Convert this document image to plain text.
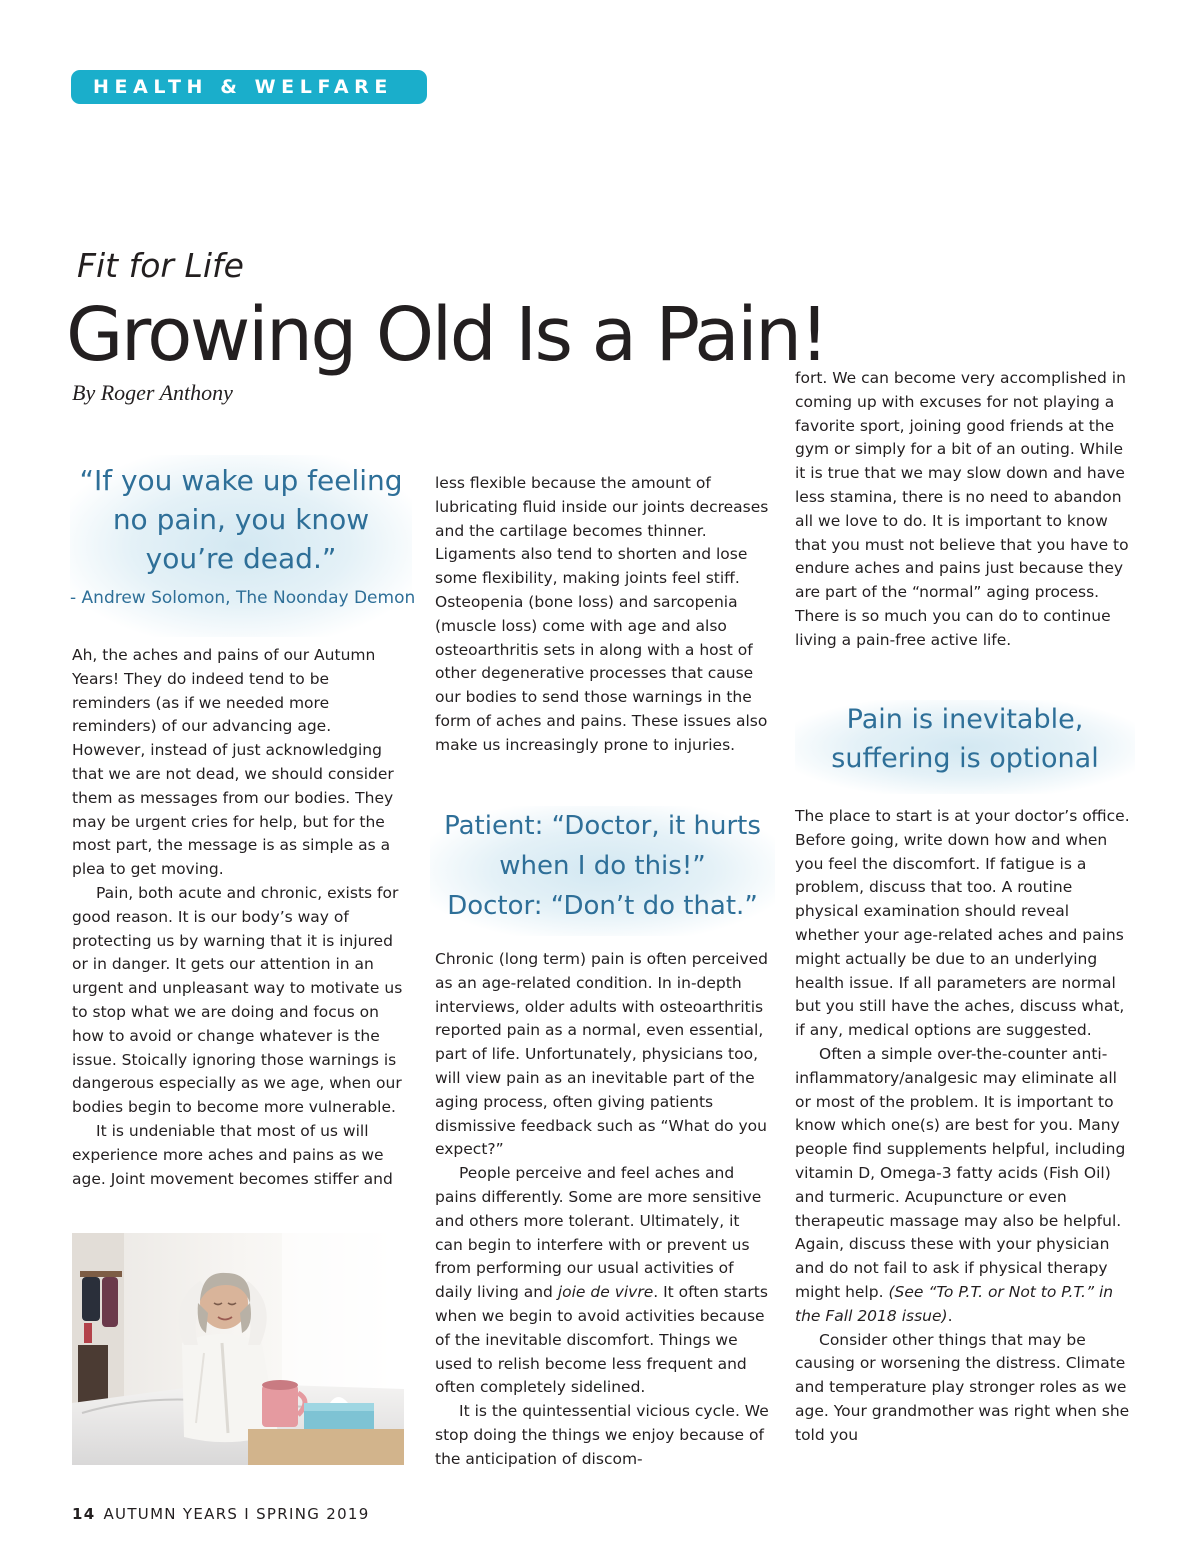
HEALTH & WELFARE
Fit for Life
Growing Old Is a Pain!
By Roger Anthony

“If you wake up feeling
no pain, you know
you’re dead.”

- Andrew Solomon, The Noonday Demon

Ah, the aches and pains of our Autumn Years! They do indeed tend to be reminders (as if we needed more reminders) of our advancing age. However, instead of just acknowledging that we are not dead, we should consider them as messages from our bodies. They may be urgent cries for help, but for the most part, the message is as simple as a plea to get moving.

Pain, both acute and chronic, exists for good reason. It is our body’s way of protecting us by warning that it is injured or in danger. It gets our attention in an urgent and unpleasant way to motivate us to stop what we are doing and focus on how to avoid or change whatever is the issue. Stoically ignoring those warnings is dangerous especially as we age, when our bodies begin to become more vulnerable.

It is undeniable that most of us will experience more aches and pains as we age. Joint movement becomes stiffer and

less flexible because the amount of lubricating fluid inside our joints decreases and the cartilage becomes thinner. Ligaments also tend to shorten and lose some flexibility, making joints feel stiff. Osteopenia (bone loss) and sarcopenia (muscle loss) come with age and also osteoarthritis sets in along with a host of other degenerative processes that cause our bodies to send those warnings in the form of aches and pains. These issues also make us increasingly prone to injuries.

Patient: “Doctor, it hurts
when I do this!”
Doctor: “Don’t do that.”

Chronic (long term) pain is often perceived as an age-related condition. In in-depth interviews, older adults with osteoarthritis reported pain as a normal, even essential, part of life. Unfortunately, physicians too, will view pain as an inevitable part of the aging process, often giving patients dismissive feedback such as “What do you expect?”

People perceive and feel aches and pains differently. Some are more sensitive and others more tolerant. Ultimately, it can begin to interfere with or prevent us from performing our usual activities of daily living and joie de vivre. It often starts when we begin to avoid activities because of the inevitable discomfort. Things we used to relish become less frequent and often completely sidelined.

It is the quintessential vicious cycle. We stop doing the things we enjoy because of the anticipation of discom-

fort. We can become very accomplished in coming up with excuses for not playing a favorite sport, joining good friends at the gym or simply for a bit of an outing. While it is true that we may slow down and have less stamina, there is no need to abandon all we love to do. It is important to know that you must not believe that you have to endure aches and pains just because they are part of the “normal” aging process. There is so much you can do to continue living a pain-free active life.

Pain is inevitable,
suffering is optional

The place to start is at your doctor’s office. Before going, write down how and when you feel the discomfort. If fatigue is a problem, discuss that too. A routine physical examination should reveal whether your age-related aches and pains might actually be due to an underlying health issue. If all parameters are normal but you still have the aches, discuss what, if any, medical options are suggested.

Often a simple over-the-counter anti-inflammatory/analgesic may eliminate all or most of the problem. It is important to know which one(s) are best for you. Many people find supplements helpful, including vitamin D, Omega-3 fatty acids (Fish Oil) and turmeric. Acupuncture or even therapeutic massage may also be helpful. Again, discuss these with your physician and do not fail to ask if physical therapy might help. (See “To P.T. or Not to P.T.” in the Fall 2018 issue).

Consider other things that may be causing or worsening the distress. Climate and temperature play stronger roles as we age. Your grandmother was right when she told you

14 AUTUMN YEARS I SPRING 2019
